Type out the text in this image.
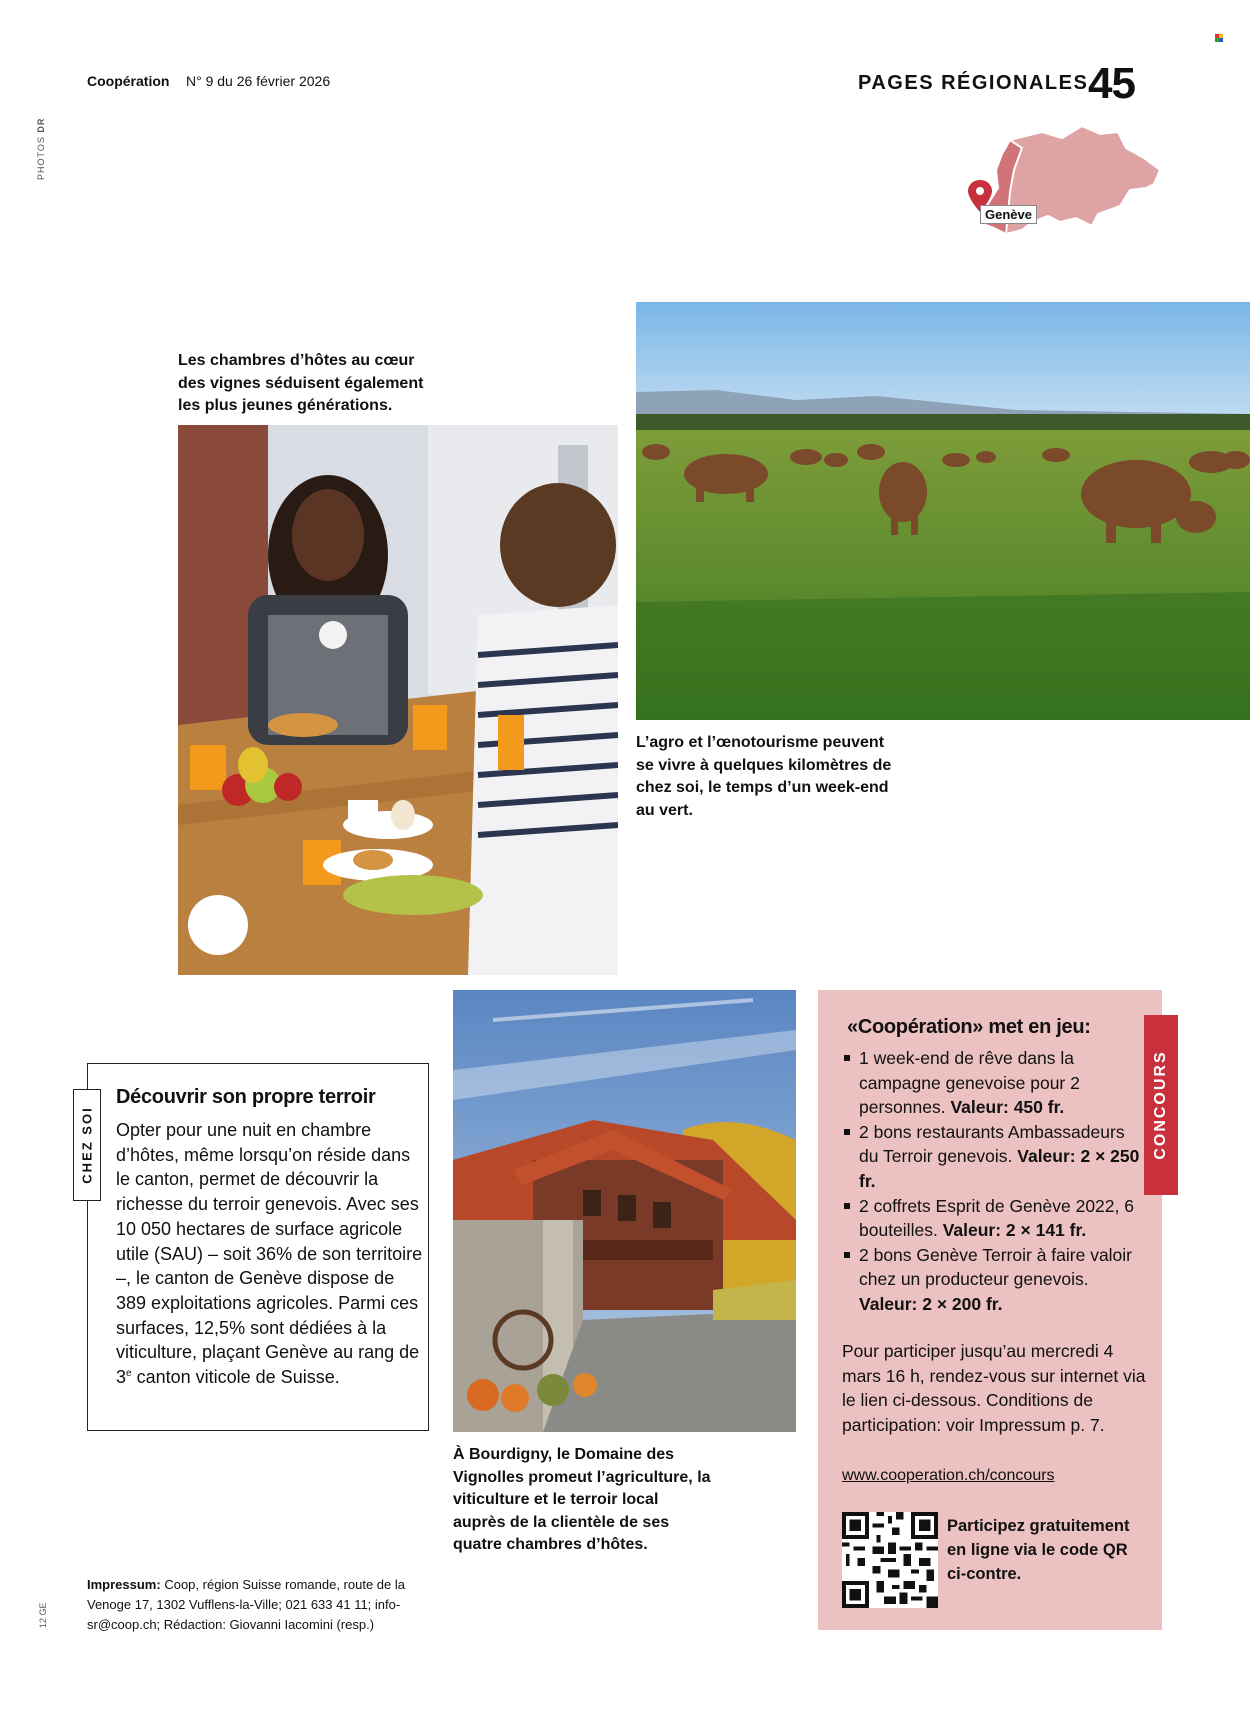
Coopération N° 9 du 26 février 2026	PAGES RÉGIONALES 45
PHOTOS DR
12 GE
Genève
Les chambres d’hôtes au cœur des vignes séduisent également les plus jeunes générations.
L’agro et l’œnotourisme peuvent se vivre à quelques kilomètres de chez soi, le temps d’un week-end au vert.
CHEZ SOI
Découvrir son propre terroir
Opter pour une nuit en chambre d’hôtes, même lorsqu’on réside dans le canton, permet de découvrir la richesse du terroir genevois. Avec ses 10 050 hectares de surface agricole utile (SAU) – soit 36% de son territoire –, le canton de Genève dispose de 389 exploitations agricoles. Parmi ces surfaces, 12,5% sont dédiées à la viticulture, plaçant Genève au rang de 3e canton viticole de Suisse.
À Bourdigny, le Domaine des Vignolles promeut l’agriculture, la viticulture et le terroir local auprès de la clientèle de ses quatre chambres d’hôtes.
CONCOURS
«Coopération» met en jeu:
1 week-end de rêve dans la campagne genevoise pour 2 personnes. Valeur: 450 fr.
2 bons restaurants Ambassadeurs du Terroir genevois. Valeur: 2 × 250 fr.
2 coffrets Esprit de Genève 2022, 6 bouteilles. Valeur: 2 × 141 fr.
2 bons Genève Terroir à faire valoir chez un producteur genevois. Valeur: 2 × 200 fr.
Pour participer jusqu’au mercredi 4 mars 16 h, rendez-vous sur internet via le lien ci-dessous. Conditions de participation: voir Impressum p. 7.
www.cooperation.ch/concours
Participez gratuitement en ligne via le code QR ci-contre.
Impressum: Coop, région Suisse romande, route de la Venoge 17, 1302 Vufflens-la-Ville; 021 633 41 11; info-sr@coop.ch; Rédaction: Giovanni Iacomini (resp.)
